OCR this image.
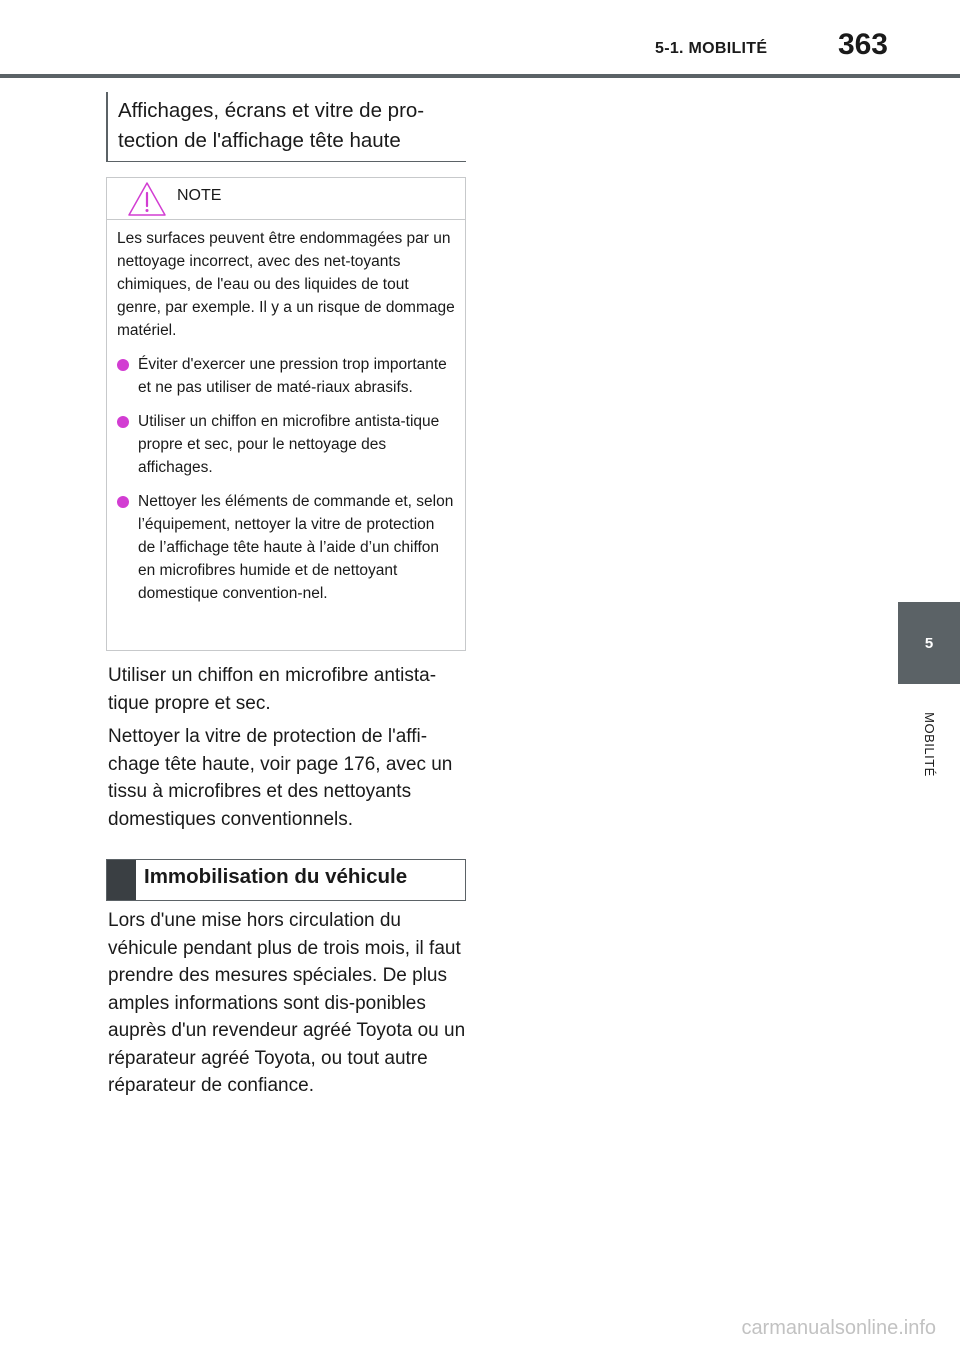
5-1. MOBILITÉ 363
5
MOBILITÉ
Affichages, écrans et vitre de pro-tection de l'affichage tête haute
NOTE

Les surfaces peuvent être endommagées par un nettoyage incorrect, avec des net-toyants chimiques, de l'eau ou des liquides de tout genre, par exemple. Il y a un risque de dommage matériel.

Éviter d'exercer une pression trop importante et ne pas utiliser de maté-riaux abrasifs.
Utiliser un chiffon en microfibre antista-tique propre et sec, pour le nettoyage des affichages.
Nettoyer les éléments de commande et, selon l’équipement, nettoyer la vitre de protection de l’affichage tête haute à l’aide d’un chiffon en microfibres humide et de nettoyant domestique convention-nel.

Utiliser un chiffon en microfibre antista-tique propre et sec.

Nettoyer la vitre de protection de l'affi-chage tête haute, voir page 176, avec un tissu à microfibres et des nettoyants domestiques conventionnels.

Immobilisation du véhicule

Lors d'une mise hors circulation du véhicule pendant plus de trois mois, il faut prendre des mesures spéciales. De plus amples informations sont dis-ponibles auprès d'un revendeur agréé Toyota ou un réparateur agréé Toyota, ou tout autre réparateur de confiance.

carmanualsonline.info
